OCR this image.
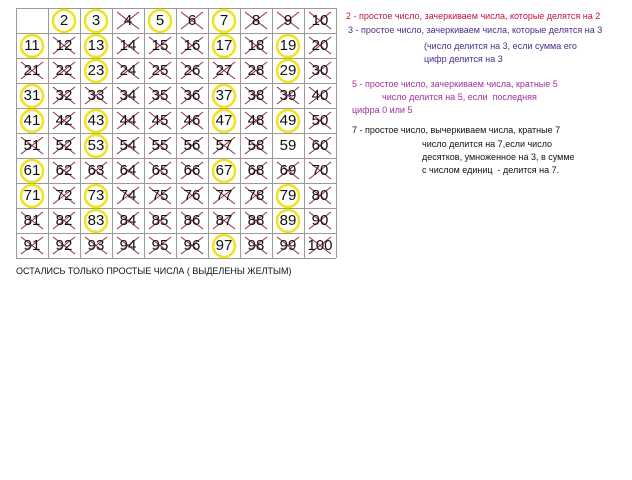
2 3 4 5 6 7 8 9 10
11 12 13 14 15 16 17 18 19 20
21 22 23 24 25 26 27 28 29 30
31 32 33 34 35 36 37 38 39 40
41 42 43 44 45 46 47 48 49 50
51 52 53 54 55 56 57 58 59 60
61 62 63 64 65 66 67 68 69 70
71 72 73 74 75 76 77 78 79 80
81 82 83 84 85 86 87 88 89 90
91 92 93 94 95 96 97 98 99 100
ОСТАЛИСЬ ТОЛЬКО ПРОСТЫЕ ЧИСЛА ( ВЫДЕЛЕНЫ ЖЕЛТЫМ)
2 - простое число, зачеркиваем числа, которые делятся на 2
3 - простое число, зачеркиваем числа, которые делятся на 3
(число делится на 3, если сумма его
цифр делится на 3
5 - простое число, зачеркиваем числа, кратные 5
число делится на 5, если  последняя
цифра 0 или 5
7 - простое число, вычеркиваем числа, кратные 7
число делится на 7,если число
десятков, умноженное на 3, в сумме
с числом единиц  - делится на 7.
